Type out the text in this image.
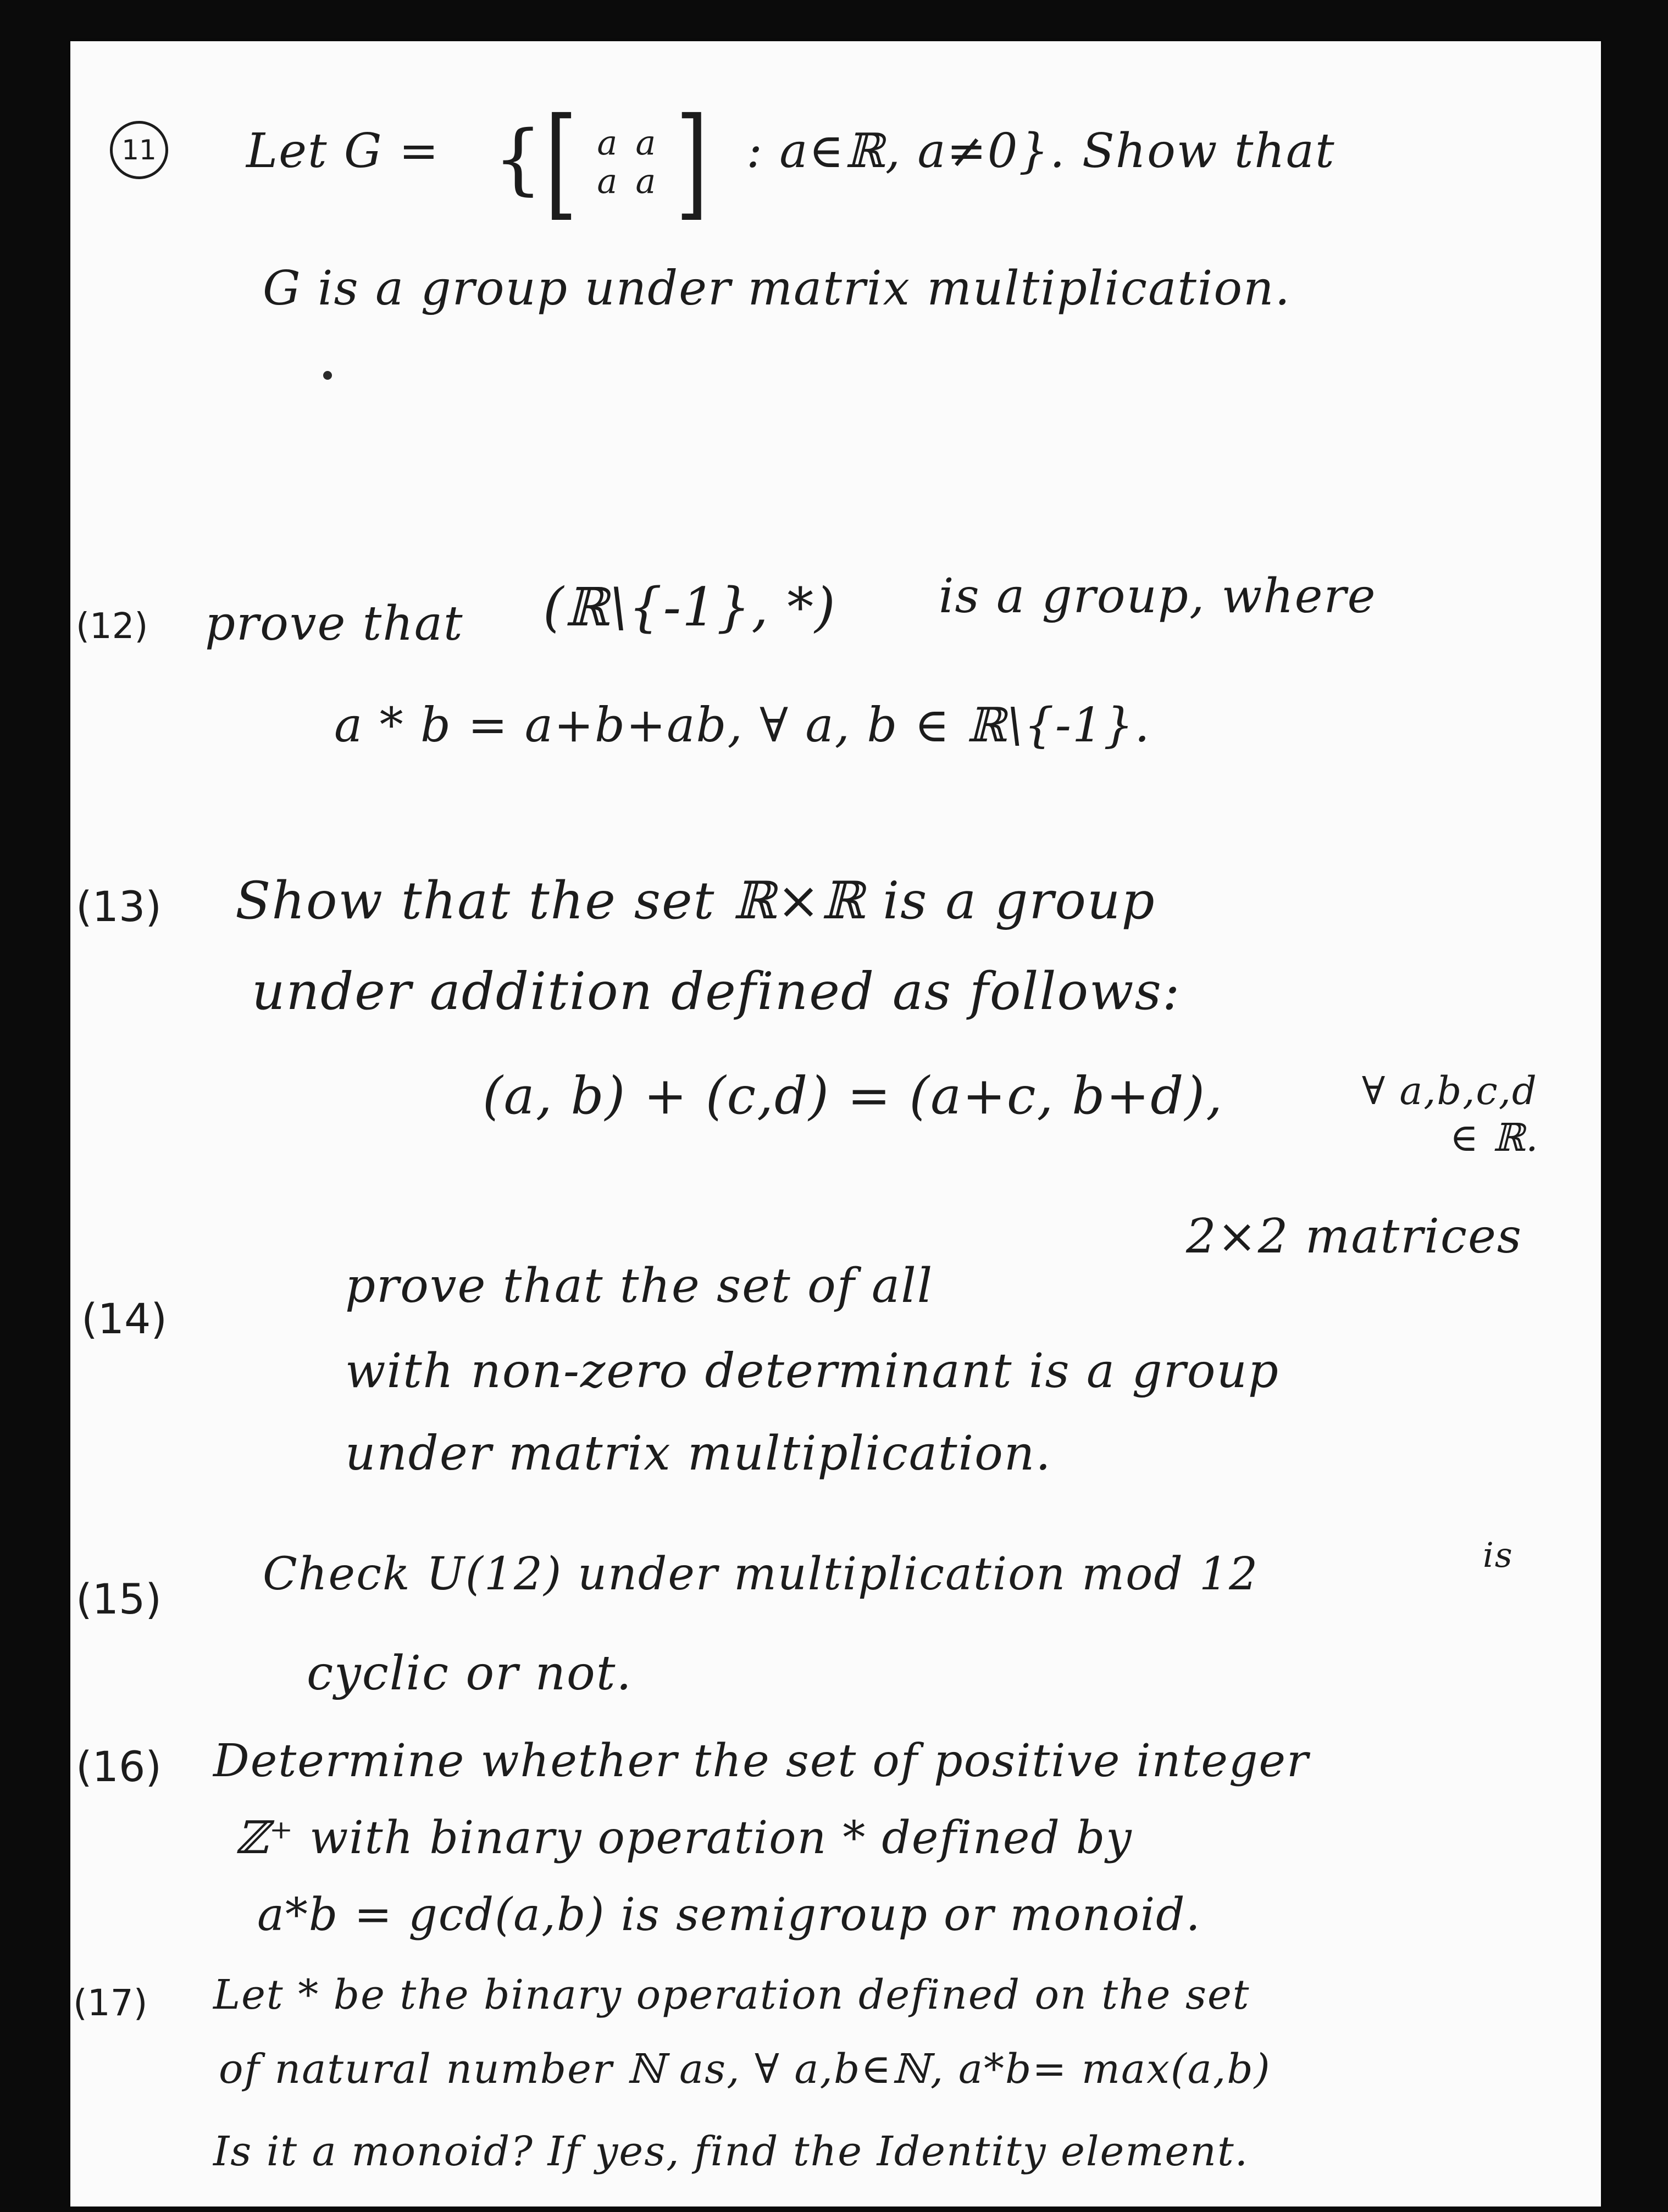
11 Let G = { [ a a
a a ] : a∈ℝ, a≠0}. Show that
G is a group under matrix multiplication.
(12) prove that (ℝ\{-1}, *) is a group, where
a * b = a+b+ab, ∀ a, b ∈ ℝ\{-1}.
(13) Show that the set ℝ×ℝ is a group
under addition defined as follows:
(a, b) + (c,d) = (a+c, b+d),	∀ a,b,c,d
∈ ℝ.
(14)
prove that the set of all
2×2 matrices
with non-zero determinant is a group
under matrix multiplication.
(15) Check U(12) under multiplication mod 12	is
cyclic or not.
(16) Determine whether the set of positive integer
ℤ⁺ with binary operation * defined by
a*b = gcd(a,b) is semigroup or monoid.
(17) Let * be the binary operation defined on the set
of natural number ℕ as, ∀ a,b∈ℕ, a*b= max(a,b)
Is it a monoid? If yes, find the Identity element.
